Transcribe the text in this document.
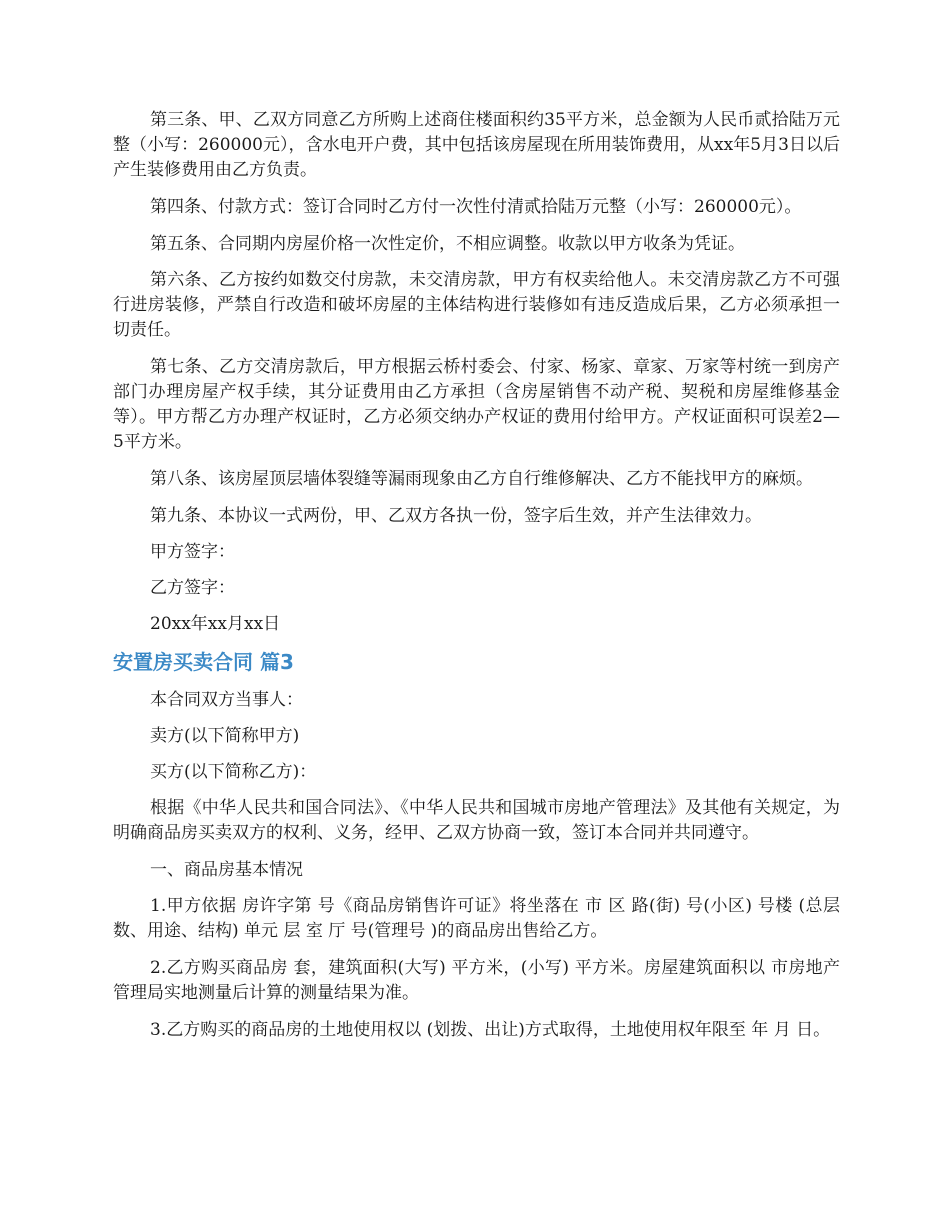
第三条、甲、乙双方同意乙方所购上述商住楼面积约35平方米，总金额为人民币贰拾陆万元整（小写：260000元），含水电开户费，其中包括该房屋现在所用装饰费用，从xx年5月3日以后产生装修费用由乙方负责。

第四条、付款方式：签订合同时乙方付一次性付清贰拾陆万元整（小写：260000元）。

第五条、合同期内房屋价格一次性定价，不相应调整。收款以甲方收条为凭证。

第六条、乙方按约如数交付房款，未交清房款，甲方有权卖给他人。未交清房款乙方不可强行进房装修，严禁自行改造和破坏房屋的主体结构进行装修如有违反造成后果，乙方必须承担一切责任。

第七条、乙方交清房款后，甲方根据云桥村委会、付家、杨家、章家、万家等村统一到房产部门办理房屋产权手续，其分证费用由乙方承担（含房屋销售不动产税、契税和房屋维修基金等）。甲方帮乙方办理产权证时，乙方必须交纳办产权证的费用付给甲方。产权证面积可误差2—5平方米。

第八条、该房屋顶层墙体裂缝等漏雨现象由乙方自行维修解决、乙方不能找甲方的麻烦。

第九条、本协议一式两份，甲、乙双方各执一份，签字后生效，并产生法律效力。

甲方签字：

乙方签字：

20xx年xx月xx日

安置房买卖合同 篇3

本合同双方当事人：

卖方(以下简称甲方)

买方(以下简称乙方)：

根据《中华人民共和国合同法》、《中华人民共和国城市房地产管理法》及其他有关规定，为明确商品房买卖双方的权利、义务，经甲、乙双方协商一致，签订本合同并共同遵守。

一、商品房基本情况

1.甲方依据 房许字第 号《商品房销售许可证》将坐落在 市 区 路(街) 号(小区) 号楼 (总层数、用途、结构) 单元 层 室 厅 号(管理号 )的商品房出售给乙方。

2.乙方购买商品房 套，建筑面积(大写) 平方米，(小写) 平方米。房屋建筑面积以 市房地产管理局实地测量后计算的测量结果为准。

3.乙方购买的商品房的土地使用权以 (划拨、出让)方式取得，土地使用权年限至 年 月 日。
